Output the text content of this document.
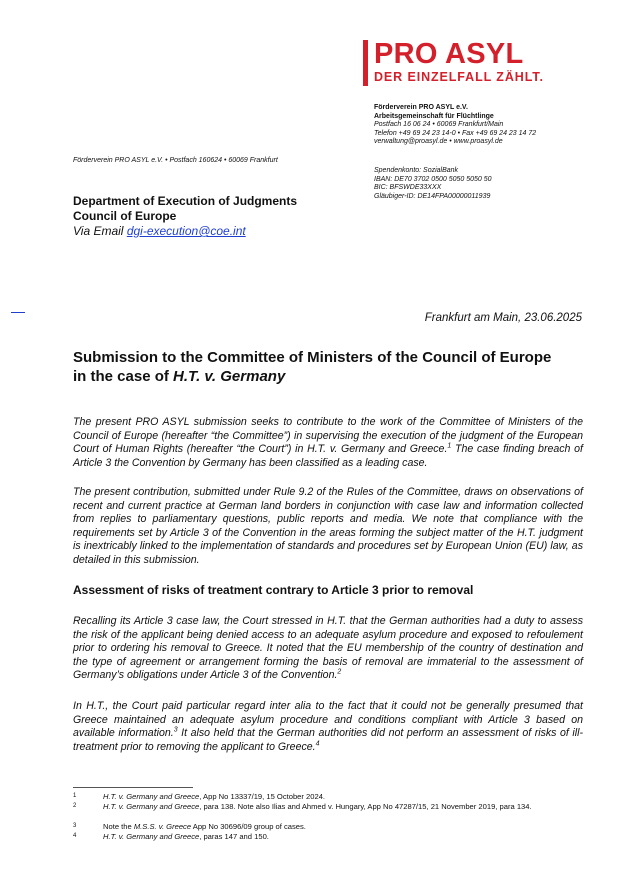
PRO ASYL
DER EINZELFALL ZÄHLT.
Förderverein PRO ASYL e.V.
Arbeitsgemeinschaft für Flüchtlinge
Postfach 16 06 24 • 60069 Frankfurt/Main
Telefon +49 69 24 23 14-0 • Fax +49 69 24 23 14 72
verwaltung@proasyl.de • www.proasyl.de
Spendenkonto: SozialBank
IBAN: DE70 3702 0500 5050 5050 50
BIC: BFSWDE33XXX
Gläubiger-ID: DE14FPA00000011939
Förderverein PRO ASYL e.V. • Postfach 160624 • 60069 Frankfurt
Department of Execution of Judgments
Council of Europe
Via Email dgi-execution@coe.int
Frankfurt am Main, 23.06.2025
Submission to the Committee of Ministers of the Council of Europe
in the case of H.T. v. Germany
The present PRO ASYL submission seeks to contribute to the work of the Committee of Ministers of the Council of Europe (hereafter “the Committee”) in supervising the execution of the judgment of the European Court of Human Rights (hereafter “the Court”) in H.T. v. Germany and Greece.$^1$ The case finding breach of Article 3 the Convention by Germany has been classified as a leading case.
The present contribution, submitted under Rule 9.2 of the Rules of the Committee, draws on observations of recent and current practice at German land borders in conjunction with case law and information collected from replies to parliamentary questions, public reports and media. We note that compliance with the requirements set by Article 3 of the Convention in the areas forming the subject matter of the H.T. judgment is inextricably linked to the implementation of standards and procedures set by European Union (EU) law, as detailed in this submission.
Assessment of risks of treatment contrary to Article 3 prior to removal
Recalling its Article 3 case law, the Court stressed in H.T. that the German authorities had a duty to assess the risk of the applicant being denied access to an adequate asylum procedure and exposed to refoulement prior to ordering his removal to Greece. It noted that the EU membership of the country of destination and the type of agreement or arrangement forming the basis of removal are immaterial to the assessment of Germany’s obligations under Article 3 of the Convention.$^2$
In H.T., the Court paid particular regard inter alia to the fact that it could not be generally presumed that Greece maintained an adequate asylum procedure and conditions compliant with Article 3 based on available information.$^3$ It also held that the German authorities did not perform an assessment of risks of ill-treatment prior to removing the applicant to Greece.$^4$
1	H.T. v. Germany and Greece, App No 13337/19, 15 October 2024.
2	H.T. v. Germany and Greece, para 138. Note also Ilias and Ahmed v. Hungary, App No 47287/15, 21 November 2019, para 134.
3	Note the M.S.S. v. Greece App No 30696/09 group of cases.
4	H.T. v. Germany and Greece, paras 147 and 150.
